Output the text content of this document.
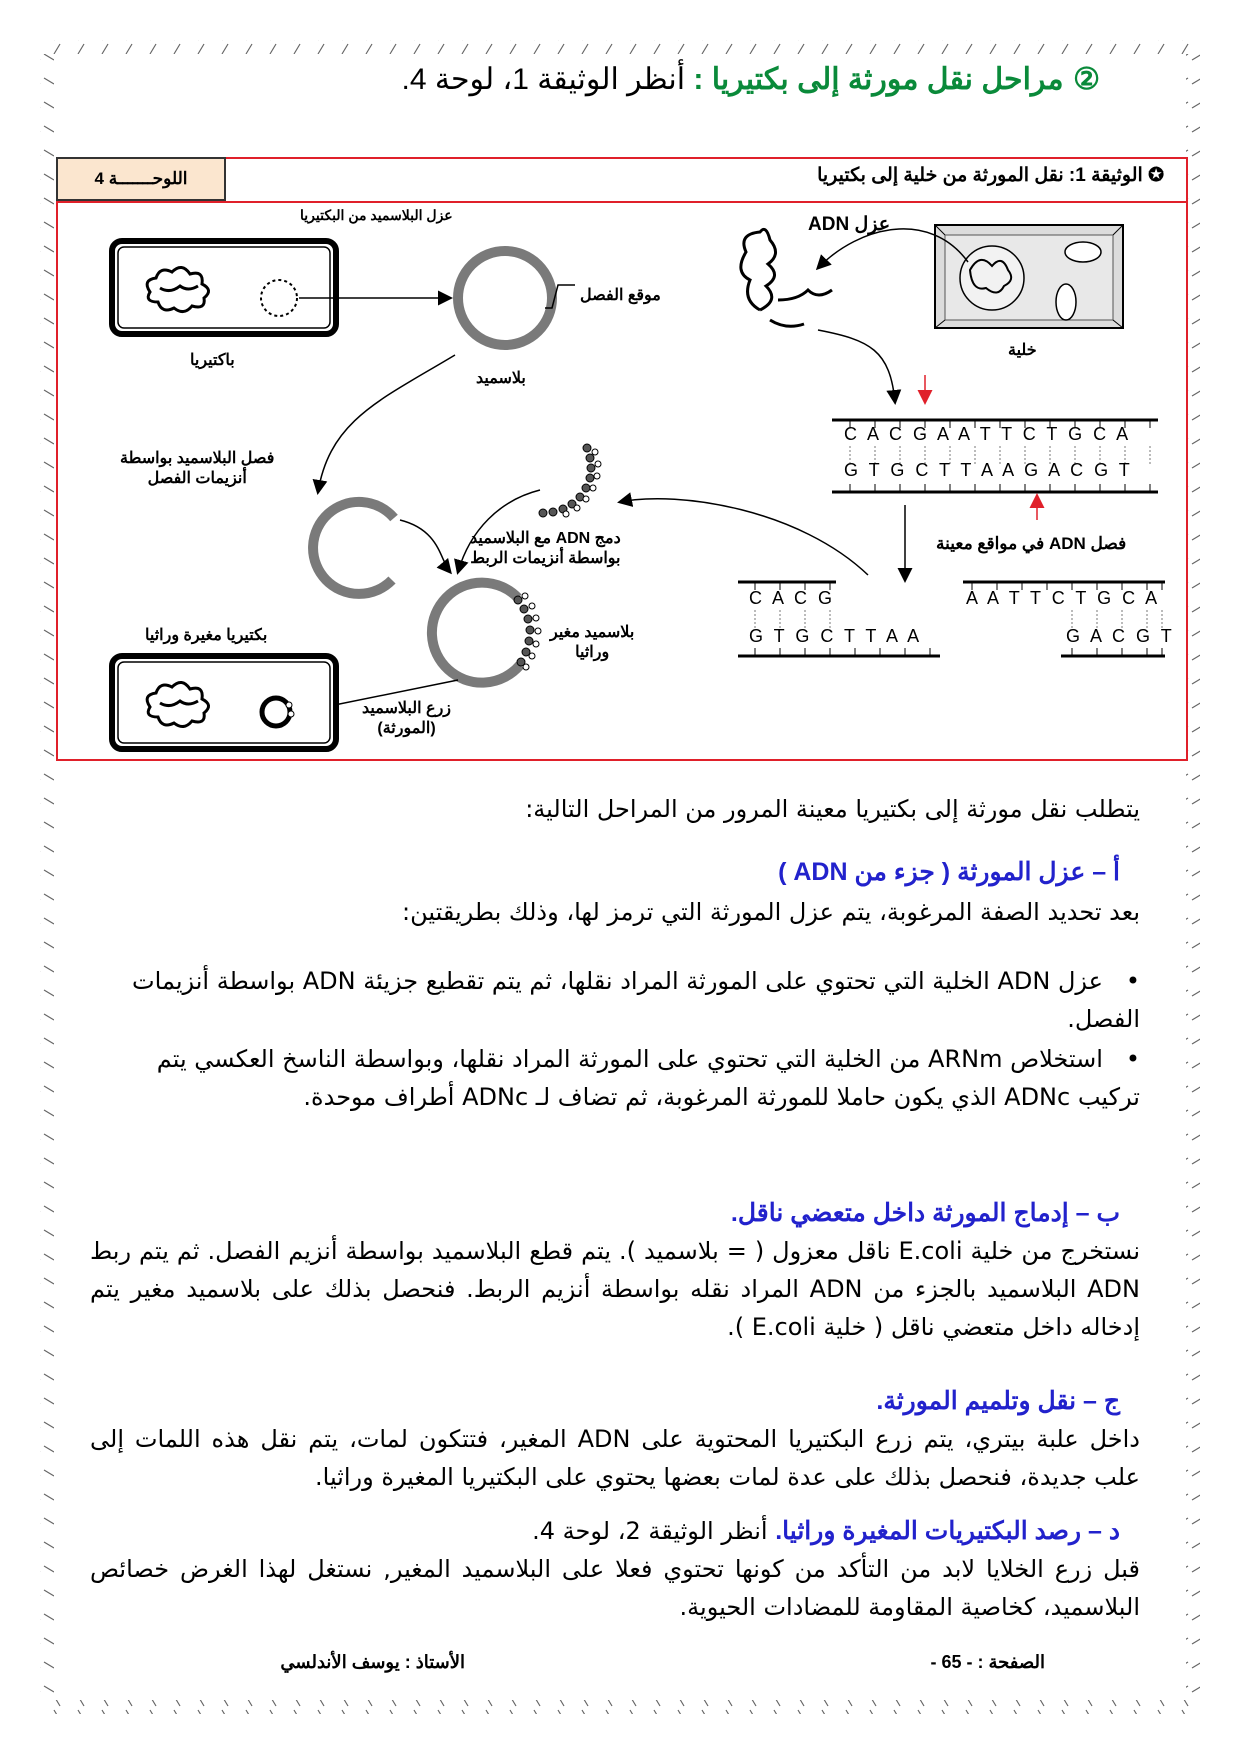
② مراحل نقل مورثة إلى بكتيريا : أنظر الوثيقة 1، لوحة 4.
اللوحـــــــة 4	✪ الوثيقة 1: نقل المورثة من خلية إلى بكتيريا
عزل البلاسميد من البكتيريا	عزل ADN
موقع الفصل
باكتيريا
بلاسميد
خلية
فصل البلاسميد بواسطة
أنزيمات الفصل
دمج ADN مع البلاسميد
بواسطة أنزيمات الربط
فصل ADN في مواقع معينة
بكتيريا مغيرة وراثيا	بلاسميد مغير
وراثيا
زرع البلاسميد
(المورثة)
C A C G A A T T C T G C A
G T G C T T A A G A C G T
C A C G
G T G C T T A A
A A T T C T G C A
G A C G T
يتطلب نقل مورثة إلى بكتيريا معينة المرور من المراحل التالية:
أ – عزل المورثة ( جزء من ADN )
بعد تحديد الصفة المرغوبة، يتم عزل المورثة التي ترمز لها، وذلك بطريقتين:
•   عزل ADN الخلية التي تحتوي على المورثة المراد نقلها، ثم يتم تقطيع جزيئة ADN بواسطة أنزيمات الفصل.
•   استخلاص ARNm من الخلية التي تحتوي على المورثة المراد نقلها، وبواسطة الناسخ العكسي يتم تركيب ADNc الذي يكون حاملا للمورثة المرغوبة، ثم تضاف لـ ADNc أطراف موحدة.
ب – إدماج المورثة داخل متعضي ناقل.
نستخرج من خلية E.coli ناقل معزول ( = بلاسميد ). يتم قطع البلاسميد بواسطة أنزيم الفصل. ثم يتم ربط ADN البلاسميد بالجزء من ADN المراد نقله بواسطة أنزيم الربط. فنحصل بذلك على بلاسميد مغير يتم إدخاله داخل متعضي ناقل ( خلية E.coli ).
ج – نقل وتلميم المورثة.
داخل علبة بيتري، يتم زرع البكتيريا المحتوية على ADN المغير، فتتكون لمات، يتم نقل هذه اللمات إلى علب جديدة، فنحصل بذلك على عدة لمات بعضها يحتوي على البكتيريا المغيرة وراثيا.
د – رصد البكتيريات المغيرة وراثيا. أنظر الوثيقة 2، لوحة 4.
قبل زرع الخلايا لابد من التأكد من كونها تحتوي فعلا على البلاسميد المغير, نستغل لهذا الغرض خصائص البلاسميد، كخاصية المقاومة للمضادات الحيوية.
الصفحة : - 65 -
الأستاذ : يوسف الأندلسي
